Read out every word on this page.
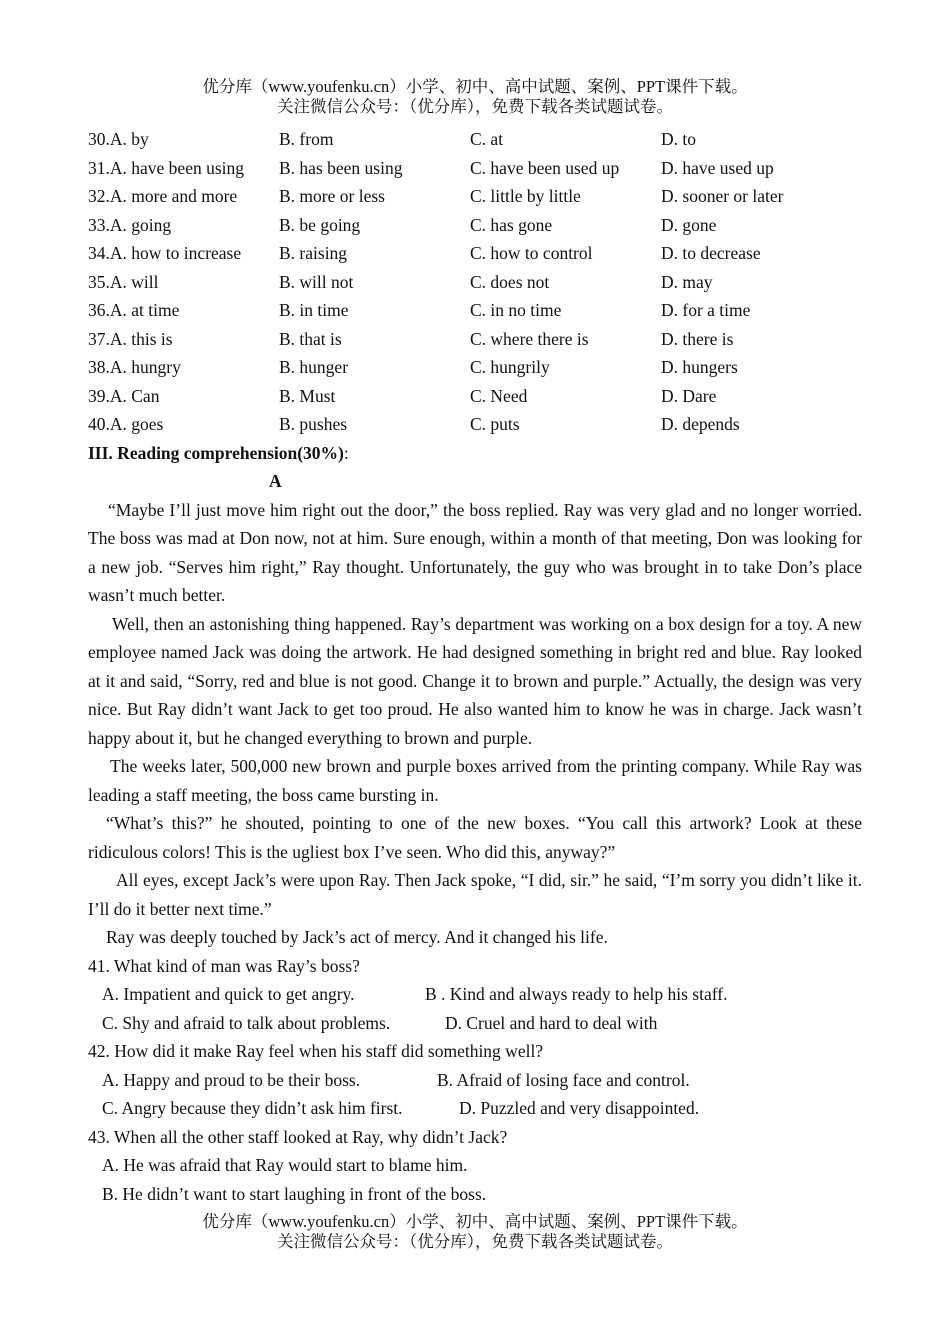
优分库（www.youfenku.cn）小学、初中、高中试题、案例、PPT课件下载。
关注微信公众号：（优分库），免费下载各类试题试卷。
30.A. by	B. from	C. at	D. to
31.A. have been using B. has been using	C. have been used up D. have used up
32.A. more and more B. more or less	C. little by little	D. sooner or later
33.A. going	B. be going	C. has gone	D. gone
34.A. how to increase B. raising	C. how to control	D. to decrease
35.A. will	B. will not	C. does not	D. may
36.A. at time	B. in time	C. in no time	D. for a time
37.A. this is	B. that is	C. where there is	D. there is
38.A. hungry	B. hunger	C. hungrily	D. hungers
39.A. Can	B. Must	C. Need	D. Dare
40.A. goes	B. pushes	C. puts	D. depends
III. Reading comprehension(30%):
A

“Maybe I’ll just move him right out the door,” the boss replied. Ray was very glad and no longer worried. The boss was mad at Don now, not at him. Sure enough, within a month of that meeting, Don was looking for a new job. “Serves him right,” Ray thought. Unfortunately, the guy who was brought in to take Don’s place wasn’t much better.

Well, then an astonishing thing happened. Ray’s department was working on a box design for a toy. A new employee named Jack was doing the artwork. He had designed something in bright red and blue. Ray looked at it and said, “Sorry, red and blue is not good. Change it to brown and purple.” Actually, the design was very nice. But Ray didn’t want Jack to get too proud. He also wanted him to know he was in charge. Jack wasn’t happy about it, but he changed everything to brown and purple.

The weeks later, 500,000 new brown and purple boxes arrived from the printing company. While Ray was leading a staff meeting, the boss came bursting in.

“What’s this?” he shouted, pointing to one of the new boxes. “You call this artwork? Look at these ridiculous colors! This is the ugliest box I’ve seen. Who did this, anyway?”

All eyes, except Jack’s were upon Ray. Then Jack spoke, “I did, sir.” he said, “I’m sorry you didn’t like it. I’ll do it better next time.”

Ray was deeply touched by Jack’s act of mercy. And it changed his life.

41. What kind of man was Ray’s boss?
A. Impatient and quick to get angry.	B . Kind and always ready to help his staff.
C. Shy and afraid to talk about problems.	D. Cruel and hard to deal with
42. How did it make Ray feel when his staff did something well?
A. Happy and proud to be their boss.	B. Afraid of losing face and control.
C. Angry because they didn’t ask him first.	D. Puzzled and very disappointed.
43. When all the other staff looked at Ray, why didn’t Jack?
A. He was afraid that Ray would start to blame him.
B. He didn’t want to start laughing in front of the boss.
优分库（www.youfenku.cn）小学、初中、高中试题、案例、PPT课件下载。
关注微信公众号：（优分库），免费下载各类试题试卷。
